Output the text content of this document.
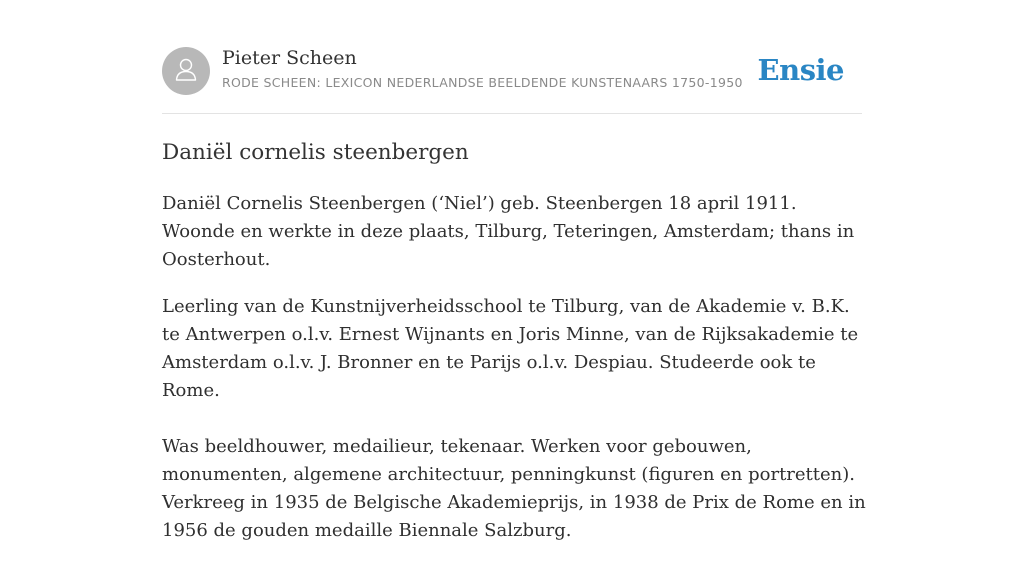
Pieter Scheen
RODE SCHEEN: LEXICON NEDERLANDSE BEELDENDE KUNSTENAARS 1750-1950 Ensie
Daniël cornelis steenbergen

Daniël Cornelis Steenbergen (‘Niel’) geb. Steenbergen 18 april 1911. Woonde en werkte in deze plaats, Tilburg, Teteringen, Amsterdam; thans in Oosterhout.

Leerling van de Kunstnijverheidsschool te Tilburg, van de Akademie v. B.K. te Antwerpen o.l.v. Ernest Wijnants en Joris Minne, van de Rijksakademie te Amsterdam o.l.v. J. Bronner en te Parijs o.l.v. Despiau. Studeerde ook te Rome.

Was beeldhouwer, medailieur, tekenaar. Werken voor gebouwen, monumenten, algemene architectuur, penningkunst (figuren en portretten). Verkreeg in 1935 de Belgische Akademieprijs, in 1938 de Prix de Rome en in 1956 de gouden medaille Biennale Salzburg.
